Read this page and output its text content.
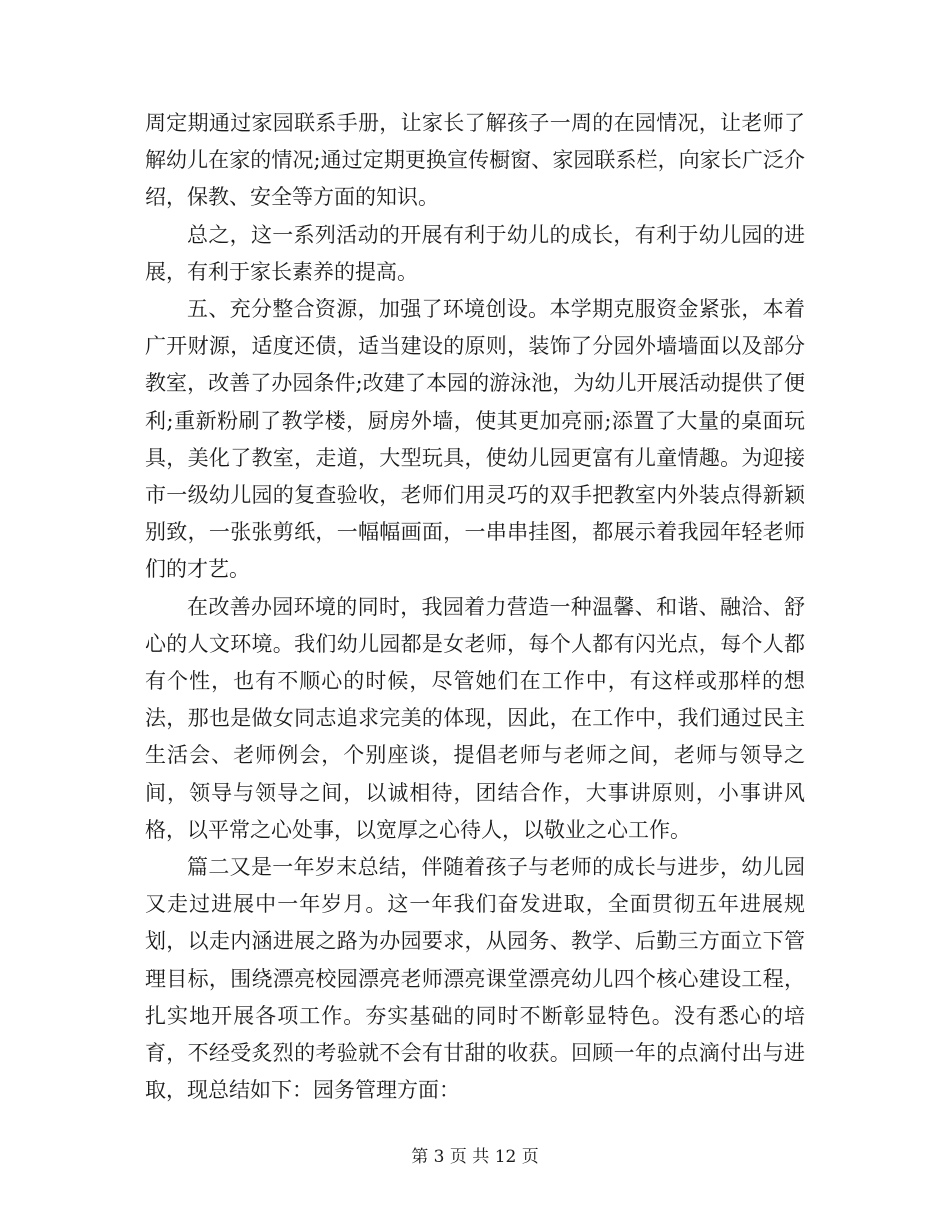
周定期通过家园联系手册，让家长了解孩子一周的在园情况，让老师了解幼儿在家的情况;通过定期更换宣传橱窗、家园联系栏，向家长广泛介绍，保教、安全等方面的知识。

总之，这一系列活动的开展有利于幼儿的成长，有利于幼儿园的进展，有利于家长素养的提高。

五、充分整合资源，加强了环境创设。本学期克服资金紧张，本着广开财源，适度还债，适当建设的原则，装饰了分园外墙墙面以及部分教室，改善了办园条件;改建了本园的游泳池，为幼儿开展活动提供了便利;重新粉刷了教学楼，厨房外墙，使其更加亮丽;添置了大量的桌面玩具，美化了教室，走道，大型玩具，使幼儿园更富有儿童情趣。为迎接市一级幼儿园的复查验收，老师们用灵巧的双手把教室内外装点得新颖别致，一张张剪纸，一幅幅画面，一串串挂图，都展示着我园年轻老师们的才艺。

在改善办园环境的同时，我园着力营造一种温馨、和谐、融洽、舒心的人文环境。我们幼儿园都是女老师，每个人都有闪光点，每个人都有个性，也有不顺心的时候，尽管她们在工作中，有这样或那样的想法，那也是做女同志追求完美的体现，因此，在工作中，我们通过民主生活会、老师例会，个别座谈，提倡老师与老师之间，老师与领导之间，领导与领导之间，以诚相待，团结合作，大事讲原则，小事讲风格，以平常之心处事，以宽厚之心待人，以敬业之心工作。

篇二又是一年岁末总结，伴随着孩子与老师的成长与进步，幼儿园又走过进展中一年岁月。这一年我们奋发进取，全面贯彻五年进展规划，以走内涵进展之路为办园要求，从园务、教学、后勤三方面立下管理目标，围绕漂亮校园漂亮老师漂亮课堂漂亮幼儿四个核心建设工程，扎实地开展各项工作。夯实基础的同时不断彰显特色。没有悉心的培育，不经受炙烈的考验就不会有甘甜的收获。回顾一年的点滴付出与进取，现总结如下：园务管理方面：

第 3 页 共 12 页
